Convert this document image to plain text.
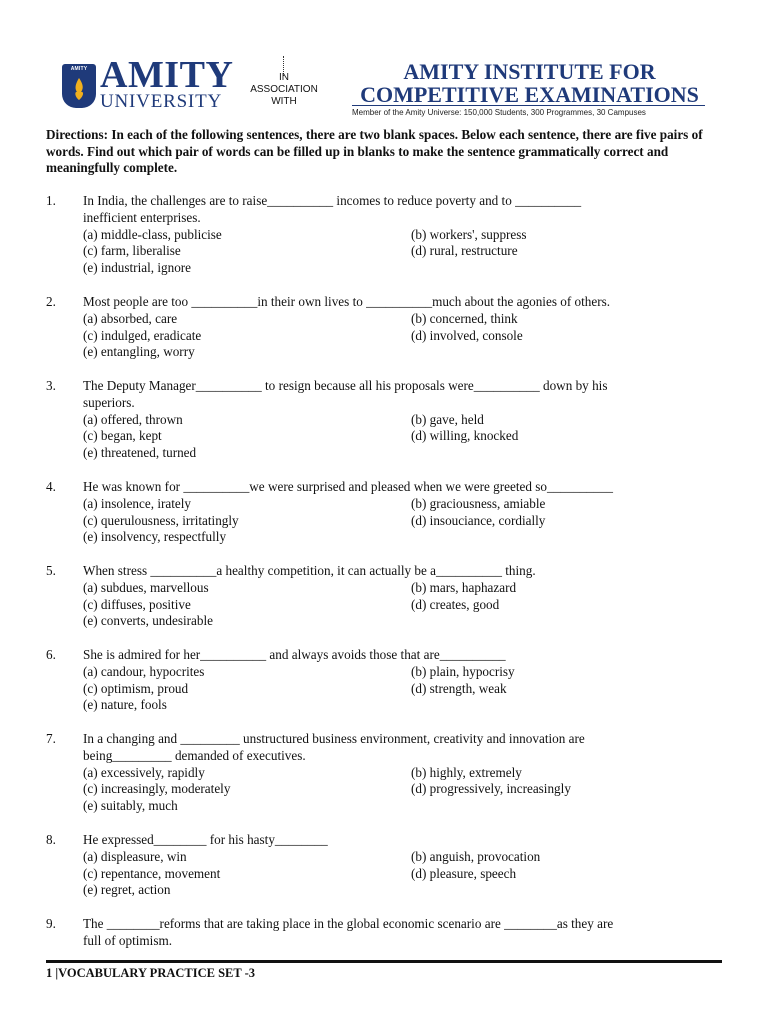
AMITY AMITY
UNIVERSITY
IN
ASSOCIATION
WITH
AMITY INSTITUTE FOR
COMPETITIVE EXAMINATIONS
Member of the Amity Universe: 150,000 Students, 300 Programmes, 30 Campuses
Directions: In each of the following sentences, there are two blank spaces. Below each sentence, there are five pairs of words. Find out which pair of words can be filled up in blanks to make the sentence grammatically correct and meaningfully complete.
1. In India, the challenges are to raise__________ incomes to reduce poverty and to __________
inefficient enterprises.
(a) middle-class, publicise	(b) workers', suppress
(c) farm, liberalise	(d) rural, restructure
(e) industrial, ignore
2. Most people are too __________in their own lives to __________much about the agonies of others.
(a) absorbed, care	(b) concerned, think
(c) indulged, eradicate	(d) involved, console
(e) entangling, worry
3. The Deputy Manager__________ to resign because all his proposals were__________ down by his
superiors.
(a) offered, thrown	(b) gave, held
(c) began, kept	(d) willing, knocked
(e) threatened, turned
4. He was known for __________we were surprised and pleased when we were greeted so__________
(a) insolence, irately	(b) graciousness, amiable
(c) querulousness, irritatingly	(d) insouciance, cordially
(e) insolvency, respectfully
5. When stress __________a healthy competition, it can actually be a__________ thing.
(a) subdues, marvellous	(b) mars, haphazard
(c) diffuses, positive	(d) creates, good
(e) converts, undesirable
6. She is admired for her__________ and always avoids those that are__________
(a) candour, hypocrites	(b) plain, hypocrisy
(c) optimism, proud	(d) strength, weak
(e) nature, fools
7. In a changing and _________ unstructured business environment, creativity and innovation are
being_________ demanded of executives.
(a) excessively, rapidly	(b) highly, extremely
(c) increasingly, moderately	(d) progressively, increasingly
(e) suitably, much
8. He expressed________ for his hasty________
(a) displeasure, win	(b) anguish, provocation
(c) repentance, movement	(d) pleasure, speech
(e) regret, action
9. The ________reforms that are taking place in the global economic scenario are ________as they are
full of optimism.
1 |VOCABULARY PRACTICE SET -3
